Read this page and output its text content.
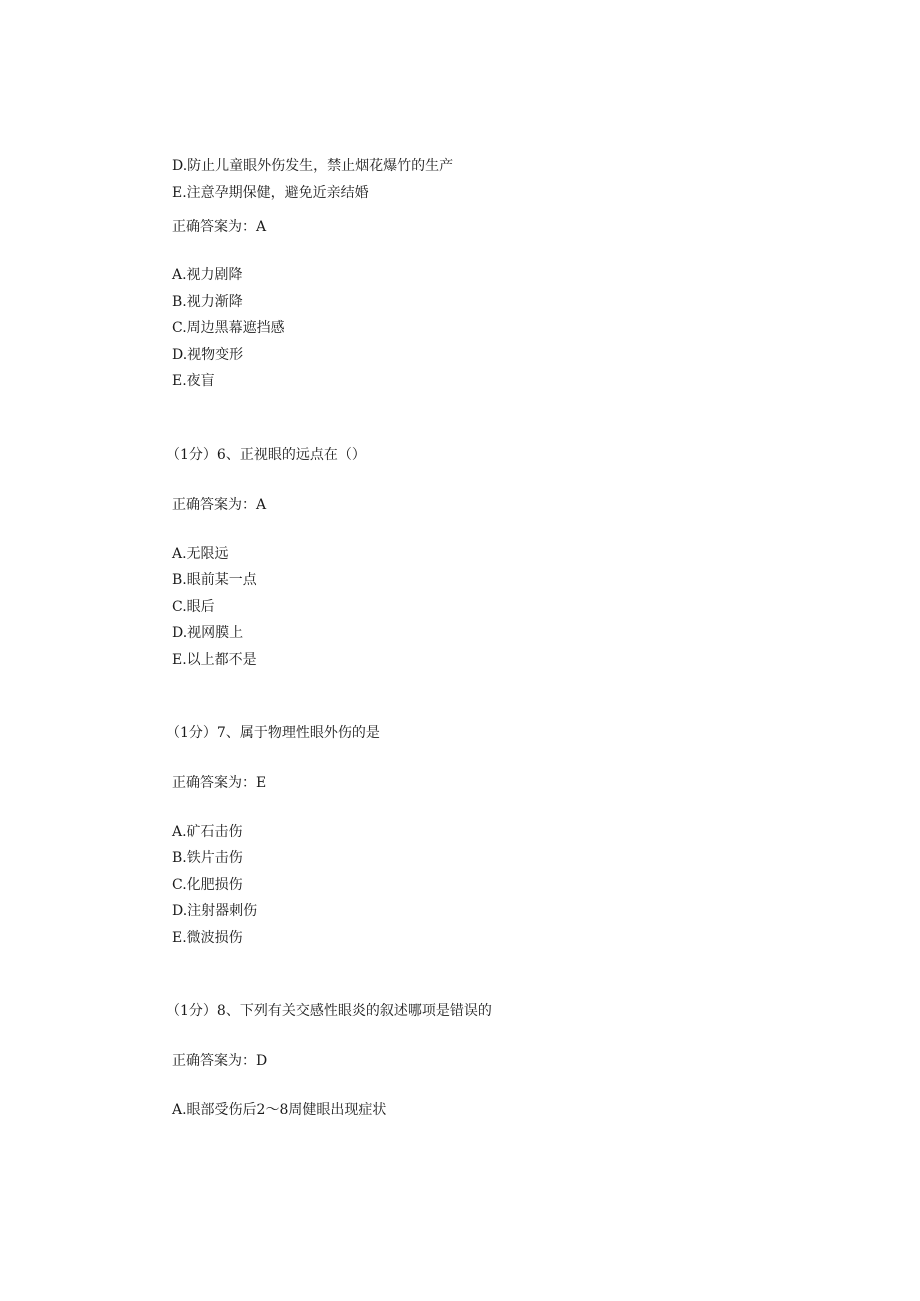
D.防止儿童眼外伤发生，禁止烟花爆竹的生产
E.注意孕期保健，避免近亲结婚
正确答案为：A
A.视力剧降
B.视力渐降
C.周边黑幕遮挡感
D.视物变形
E.夜盲
（1分）6、正视眼的远点在（）
正确答案为：A
A.无限远
B.眼前某一点
C.眼后
D.视网膜上
E.以上都不是
（1分）7、属于物理性眼外伤的是
正确答案为：E
A.矿石击伤
B.铁片击伤
C.化肥损伤
D.注射器刺伤
E.微波损伤
（1分）8、下列有关交感性眼炎的叙述哪项是错误的
正确答案为：D
A.眼部受伤后2～8周健眼出现症状
